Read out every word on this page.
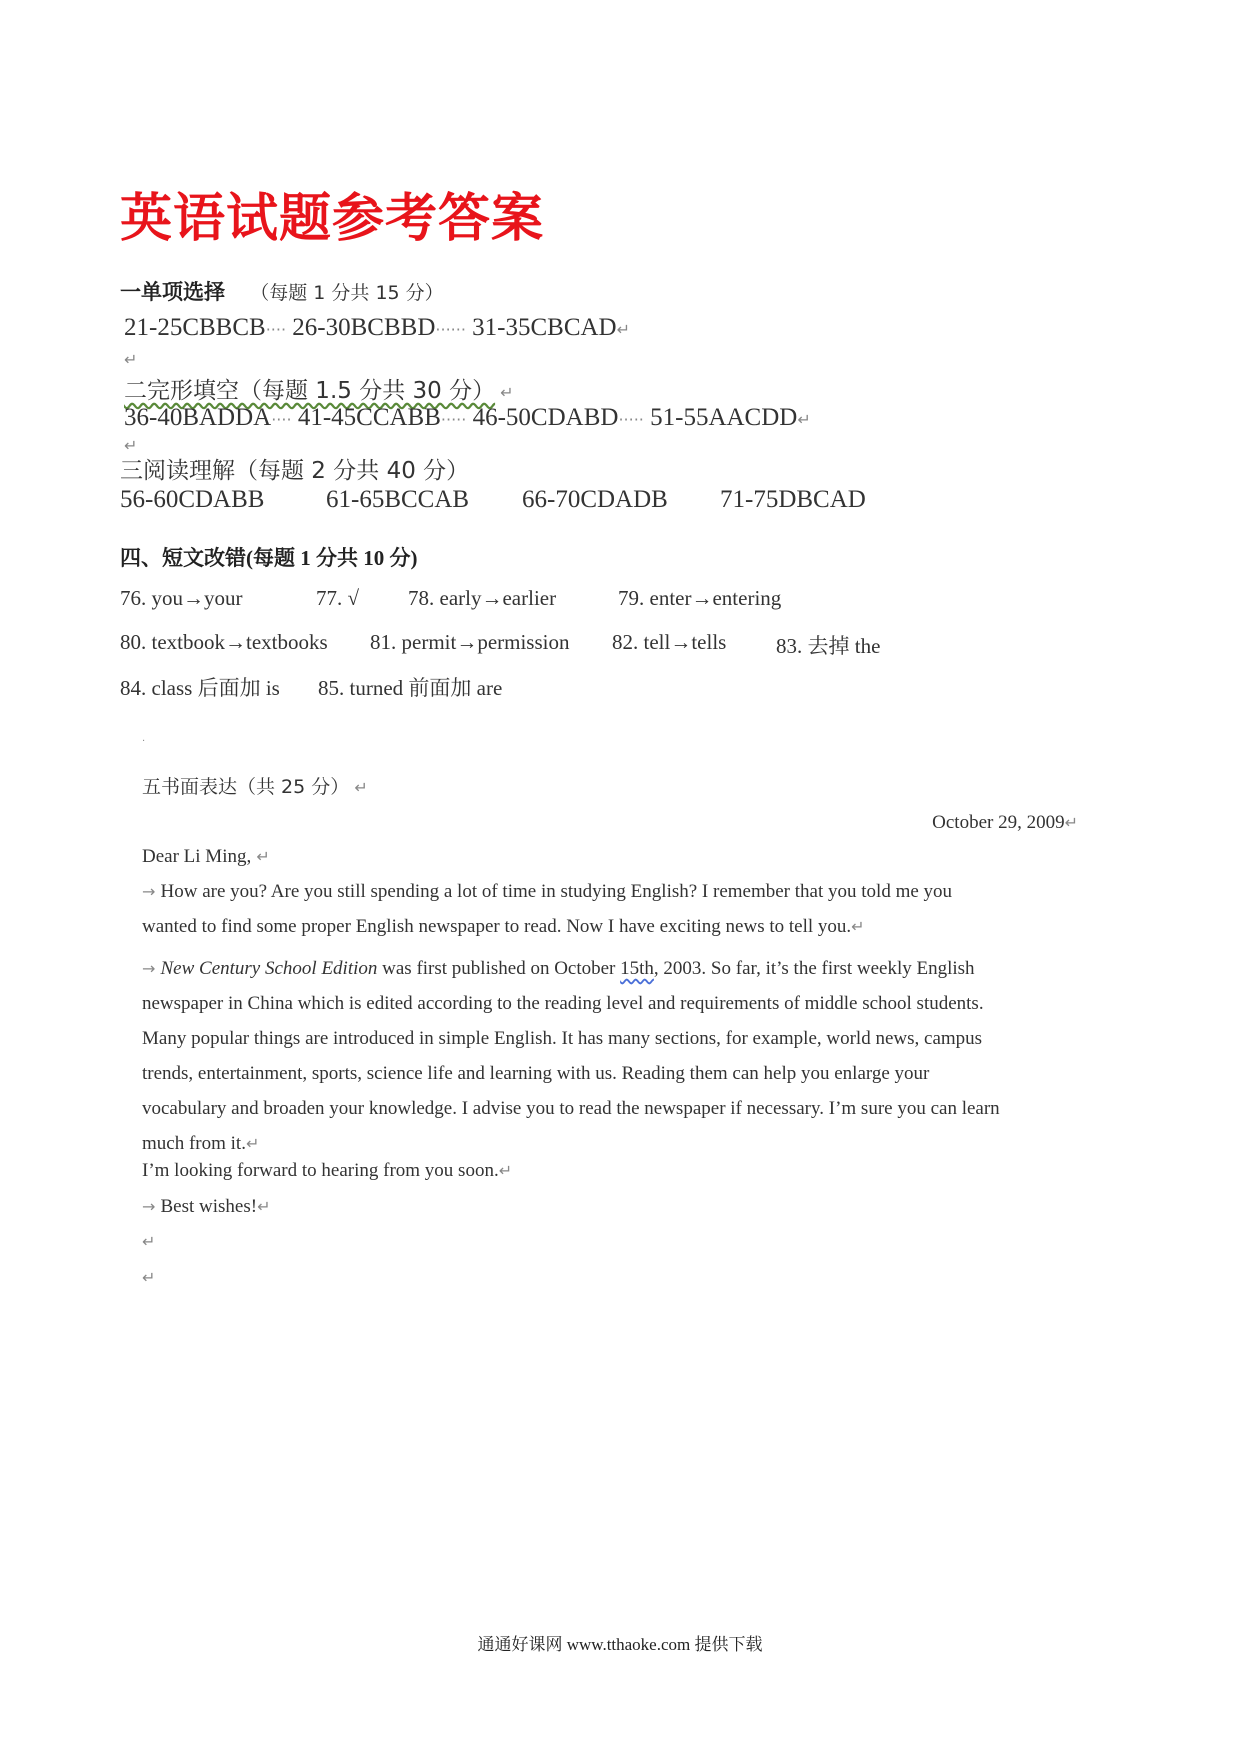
英语试题参考答案
一单项选择 （每题 1 分共 15 分）
21-25CBBCB···· 26-30BCBBD······ 31-35CBCAD↵
↵
二完形填空（每题 1.5 分共 30 分） ↵
36-40BADDA···· 41-45CCABB····· 46-50CDABD····· 51-55AACDD↵
↵
三阅读理解（每题 2 分共 40 分）
56-60CDABB 61-65BCCAB 66-70CDADB 71-75DBCAD
四、短文改错(每题 1 分共 10 分)
76. you→your	77. √ 78. early→earlier	79. enter→entering
80. textbook→textbooks 81. permit→permission 82. tell→tells 83. 去掉 the
84. class 后面加 is 85. turned 前面加 are
·
五书面表达（共 25 分） ↵
October 29, 2009↵
Dear Li Ming, ↵
→ How are you? Are you still spending a lot of time in studying English? I remember that you told me you
wanted to find some proper English newspaper to read. Now I have exciting news to tell you.↵
→ New Century School Edition was first published on October 15th, 2003. So far, it’s the first weekly English
newspaper in China which is edited according to the reading level and requirements of middle school students.
Many popular things are introduced in simple English. It has many sections, for example, world news, campus
trends, entertainment, sports, science life and learning with us. Reading them can help you enlarge your
vocabulary and broaden your knowledge. I advise you to read the newspaper if necessary. I’m sure you can learn
much from it.↵
I’m looking forward to hearing from you soon.↵
→ Best wishes!↵
↵
↵
通通好课网 www.tthaoke.com 提供下载
